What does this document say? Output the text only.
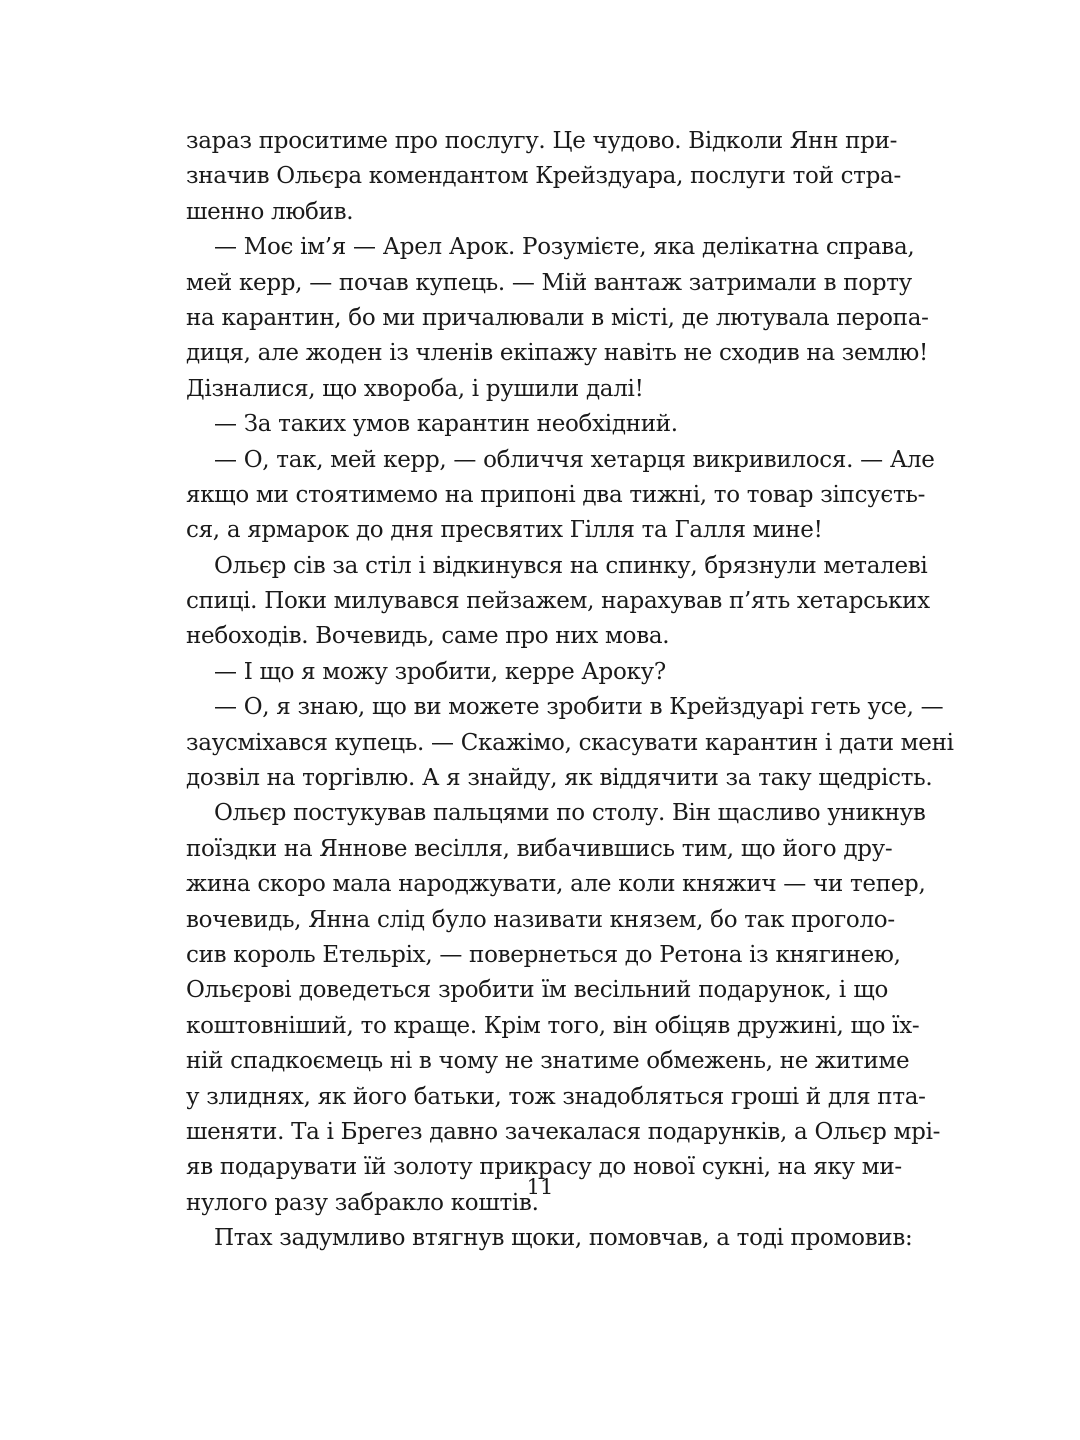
зараз проситиме про послугу. Це чудово. Відколи Янн при-
значив Ольєра комендантом Крейздуара, послуги той стра-
шенно любив.
— Моє ім’я — Арел Арок. Розумієте, яка делікатна справа,
мей керр, — почав купець. — Мій вантаж затримали в порту
на карантин, бо ми причалювали в місті, де лютувала перопа-
диця, але жоден із членів екіпажу навіть не сходив на землю!
Дізналися, що хвороба, і рушили далі!
— За таких умов карантин необхідний.
— О, так, мей керр, — обличчя хетарця викривилося. — Але
якщо ми стоятимемо на припоні два тижні, то товар зіпсуєть-
ся, а ярмарок до дня пресвятих Гілля та Галля мине!
Ольєр сів за стіл і відкинувся на спинку, брязнули металеві
спиці. Поки милувався пейзажем, нарахував п’ять хетарських
небоходів. Вочевидь, саме про них мова.
— І що я можу зробити, керре Ароку?
— О, я знаю, що ви можете зробити в Крейздуарі геть усе, —
заусміхався купець. — Скажімо, скасувати карантин і дати мені
дозвіл на торгівлю. А я знайду, як віддячити за таку щедрість.
Ольєр постукував пальцями по столу. Він щасливо уникнув
поїздки на Яннове весілля, вибачившись тим, що його дру-
жина скоро мала народжувати, але коли княжич — чи тепер,
вочевидь, Янна слід було називати князем, бо так проголо-
сив король Етельріх, — повернеться до Ретона із княгинею,
Ольєрові доведеться зробити їм весільний подарунок, і що
коштовніший, то краще. Крім того, він обіцяв дружині, що їх-
ній спадкоємець ні в чому не знатиме обмежень, не житиме
у злиднях, як його батьки, тож знадобляться гроші й для пта-
шеняти. Та і Брегез давно зачекалася подарунків, а Ольєр мрі-
яв подарувати їй золоту прикрасу до нової сукні, на яку ми-
нулого разу забракло коштів.
Птах задумливо втягнув щоки, помовчав, а тоді промовив:
11
